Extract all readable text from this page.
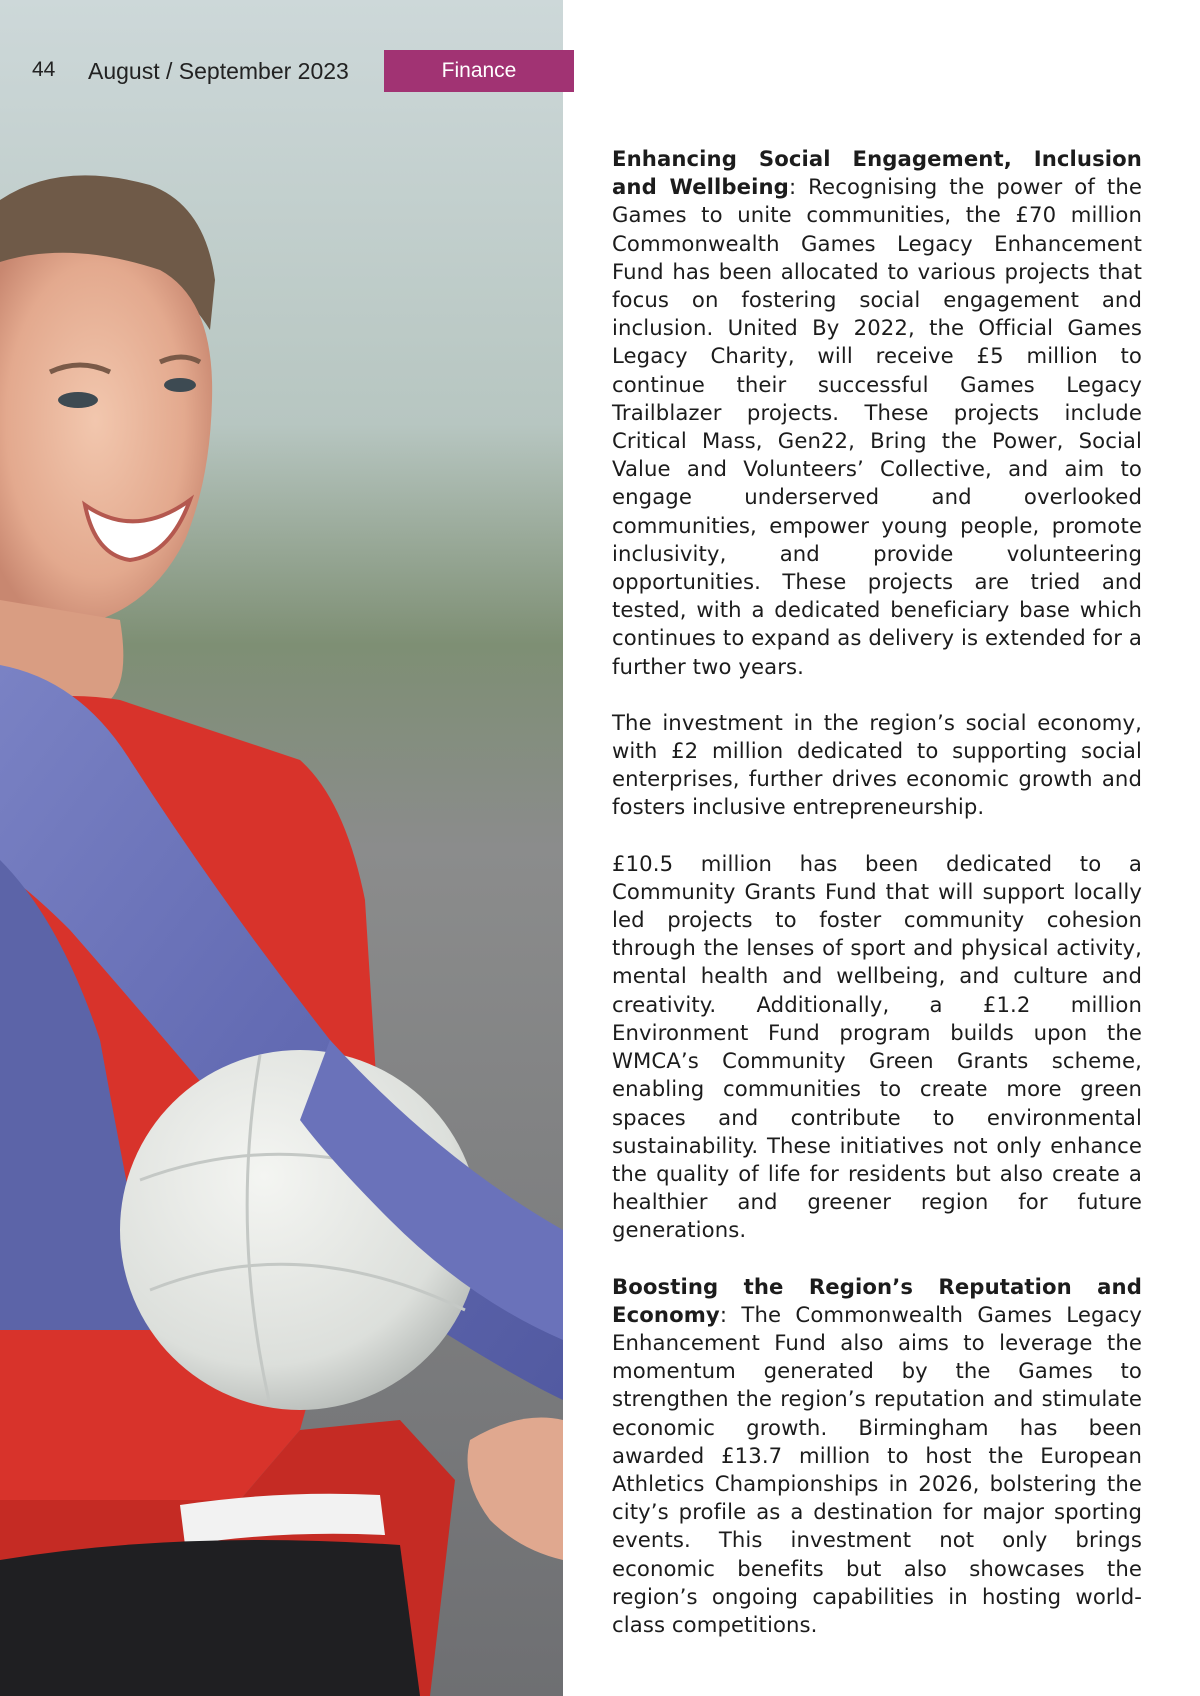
44 August / September 2023	Finance

Enhancing Social Engagement, Inclusion and Wellbeing: Recognising the power of the Games to unite communities, the £70 million Commonwealth Games Legacy Enhancement Fund has been allocated to various projects that focus on fostering social engagement and inclusion. United By 2022, the Official Games Legacy Charity, will receive £5 million to continue their successful Games Legacy Trailblazer projects. These projects include Critical Mass, Gen22, Bring the Power, Social Value and Volunteers’ Collective, and aim to engage underserved and overlooked communities, empower young people, promote inclusivity, and provide volunteering opportunities. These projects are tried and tested, with a dedicated beneficiary base which continues to expand as delivery is extended for a further two years.

The investment in the region’s social economy, with £2 million dedicated to supporting social enterprises, further drives economic growth and fosters inclusive entrepreneurship.

£10.5 million has been dedicated to a Community Grants Fund that will support locally led projects to foster community cohesion through the lenses of sport and physical activity, mental health and wellbeing, and culture and creativity. Additionally, a £1.2 million Environment Fund program builds upon the WMCA’s Community Green Grants scheme, enabling communities to create more green spaces and contribute to environmental sustainability. These initiatives not only enhance the quality of life for residents but also create a healthier and greener region for future generations.

Boosting the Region’s Reputation and Economy: The Commonwealth Games Legacy Enhancement Fund also aims to leverage the momentum generated by the Games to strengthen the region’s reputation and stimulate economic growth. Birmingham has been awarded £13.7 million to host the European Athletics Championships in 2026, bolstering the city’s profile as a destination for major sporting events. This investment not only brings economic benefits but also showcases the region’s ongoing capabilities in hosting world-class competitions.
